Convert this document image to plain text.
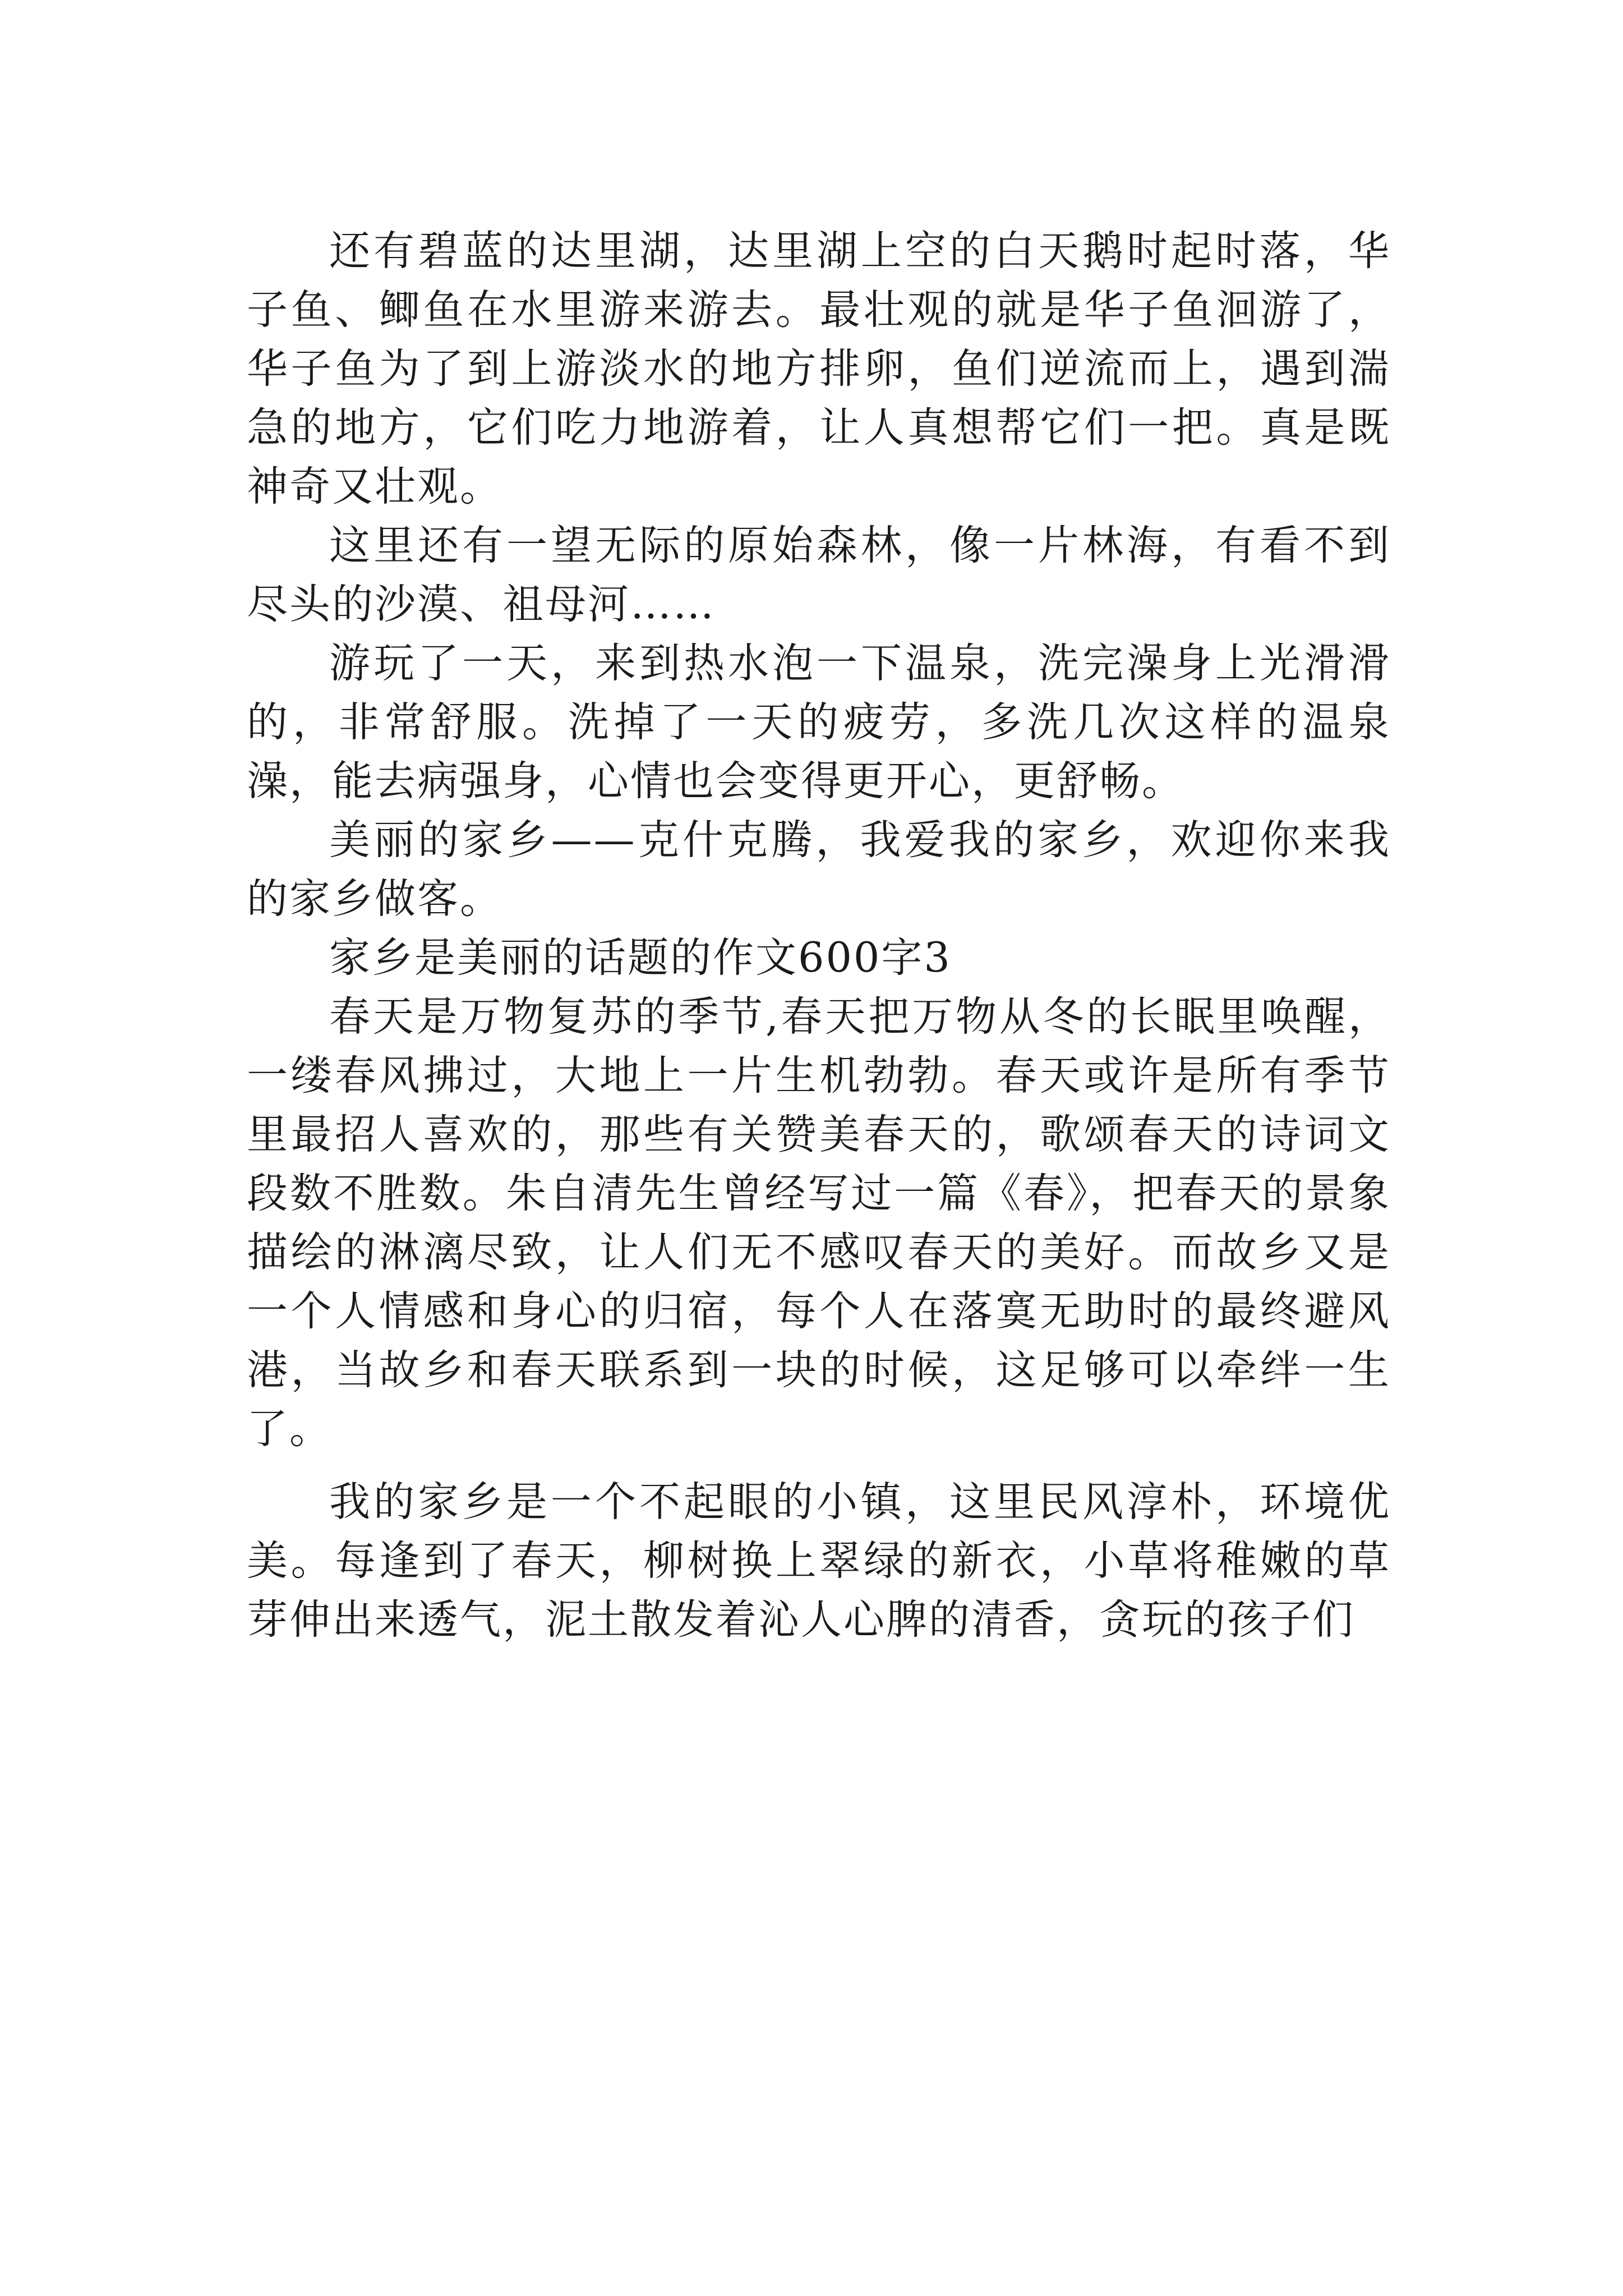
还有碧蓝的达里湖，达里湖上空的白天鹅时起时落，华子鱼、鲫鱼在水里游来游去。最壮观的就是华子鱼洄游了，华子鱼为了到上游淡水的地方排卵，鱼们逆流而上，遇到湍急的地方，它们吃力地游着，让人真想帮它们一把。真是既神奇又壮观。

这里还有一望无际的原始森林，像一片林海，有看不到尽头的沙漠、祖母河……

游玩了一天，来到热水泡一下温泉，洗完澡身上光滑滑的，非常舒服。洗掉了一天的疲劳，多洗几次这样的温泉澡，能去病强身，心情也会变得更开心，更舒畅。

美丽的家乡——克什克腾，我爱我的家乡，欢迎你来我的家乡做客。

家乡是美丽的话题的作文600字3

春天是万物复苏的季节,春天把万物从冬的长眠里唤醒，一缕春风拂过，大地上一片生机勃勃。春天或许是所有季节里最招人喜欢的，那些有关赞美春天的，歌颂春天的诗词文段数不胜数。朱自清先生曾经写过一篇《春》，把春天的景象描绘的淋漓尽致，让人们无不感叹春天的美好。而故乡又是一个人情感和身心的归宿，每个人在落寞无助时的最终避风港，当故乡和春天联系到一块的时候，这足够可以牵绊一生了。

我的家乡是一个不起眼的小镇，这里民风淳朴，环境优美。每逢到了春天，柳树换上翠绿的新衣，小草将稚嫩的草芽伸出来透气，泥土散发着沁人心脾的清香，贪玩的孩子们
